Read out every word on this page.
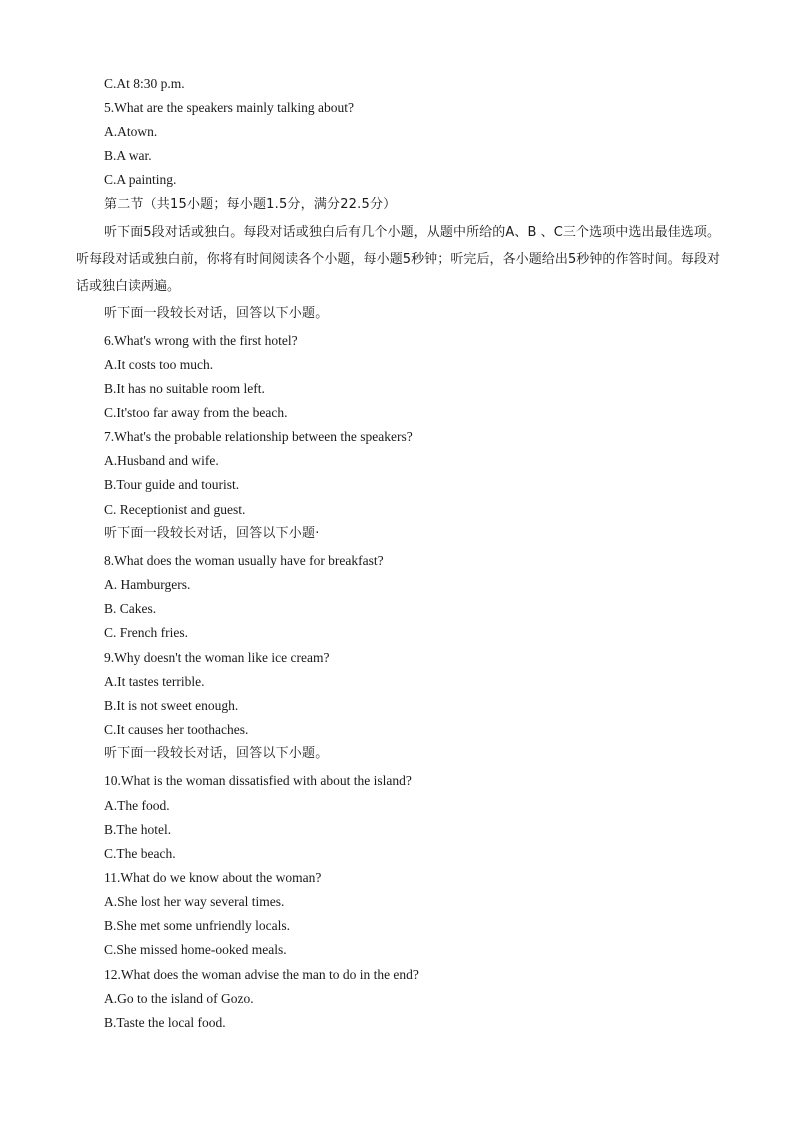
C.At 8:30 p.m.
5.What are the speakers mainly talking about?
A.Atown.
B.A war.
C.A painting.
第二节（共15小题；每小题1.5分，满分22.5分）
听下面5段对话或独白。每段对话或独白后有几个小题，从题中所给的A、B 、C三个选项中选出最佳选项。听每段对话或独白前，你将有时间阅读各个小题，每小题5秒钟；听完后，各小题给出5秒钟的作答时间。每段对话或独白读两遍。
听下面一段较长对话，回答以下小题。
6.What's wrong with the first hotel?
A.It costs too much.
B.It has no suitable room left.
C.It'stoo far away from the beach.
7.What's the probable relationship between the speakers?
A.Husband and wife.
B.Tour guide and tourist.
C. Receptionist and guest.
听下面一段较长对话，回答以下小题·
8.What does the woman usually have for breakfast?
A. Hamburgers.
B. Cakes.
C. French fries.
9.Why doesn't the woman like ice cream?
A.It tastes terrible.
B.It is not sweet enough.
C.It causes her toothaches.
听下面一段较长对话，回答以下小题。
10.What is the woman dissatisfied with about the island?
A.The food.
B.The hotel.
C.The beach.
11.What do we know about the woman?
A.She lost her way several times.
B.She met some unfriendly locals.
C.She missed home-ooked meals.
12.What does the woman advise the man to do in the end?
A.Go to the island of Gozo.
B.Taste the local food.
